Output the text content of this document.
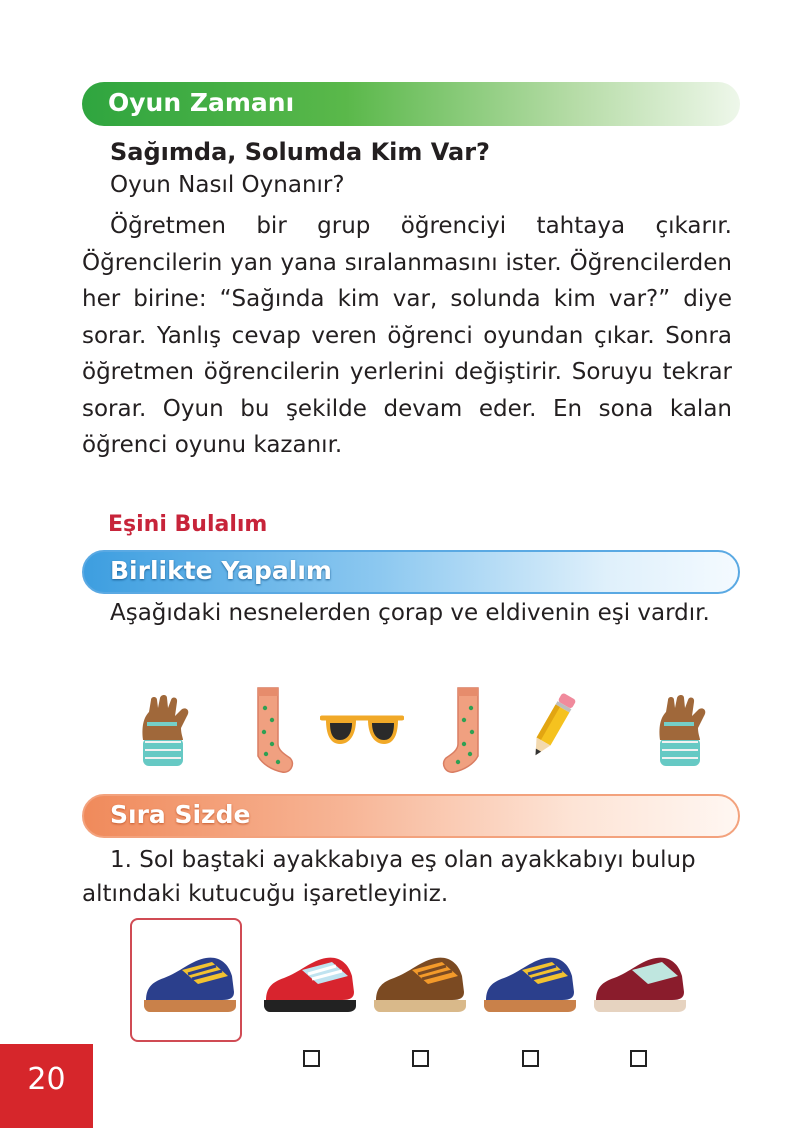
Oyun Zamanı
Sağımda, Solumda Kim Var?
Oyun Nasıl Oynanır?
Öğretmen bir grup öğrenciyi tahtaya çıkarır. Öğrencilerin yan yana sıralanmasını ister. Öğrencilerden her birine: “Sağında kim var, solunda kim var?” diye sorar. Yanlış cevap veren öğrenci oyundan çıkar. Sonra öğretmen öğrencilerin yerlerini değiştirir. Soruyu tekrar sorar. Oyun bu şekilde devam eder. En sona kalan öğrenci oyunu kazanır.
Eşini Bulalım
Birlikte Yapalım
Aşağıdaki nesnelerden çorap ve eldivenin eşi vardır.
Sıra Sizde
1. Sol baştaki ayakkabıya eş olan ayakkabıyı bulup altındaki kutucuğu işaretleyiniz.
20
